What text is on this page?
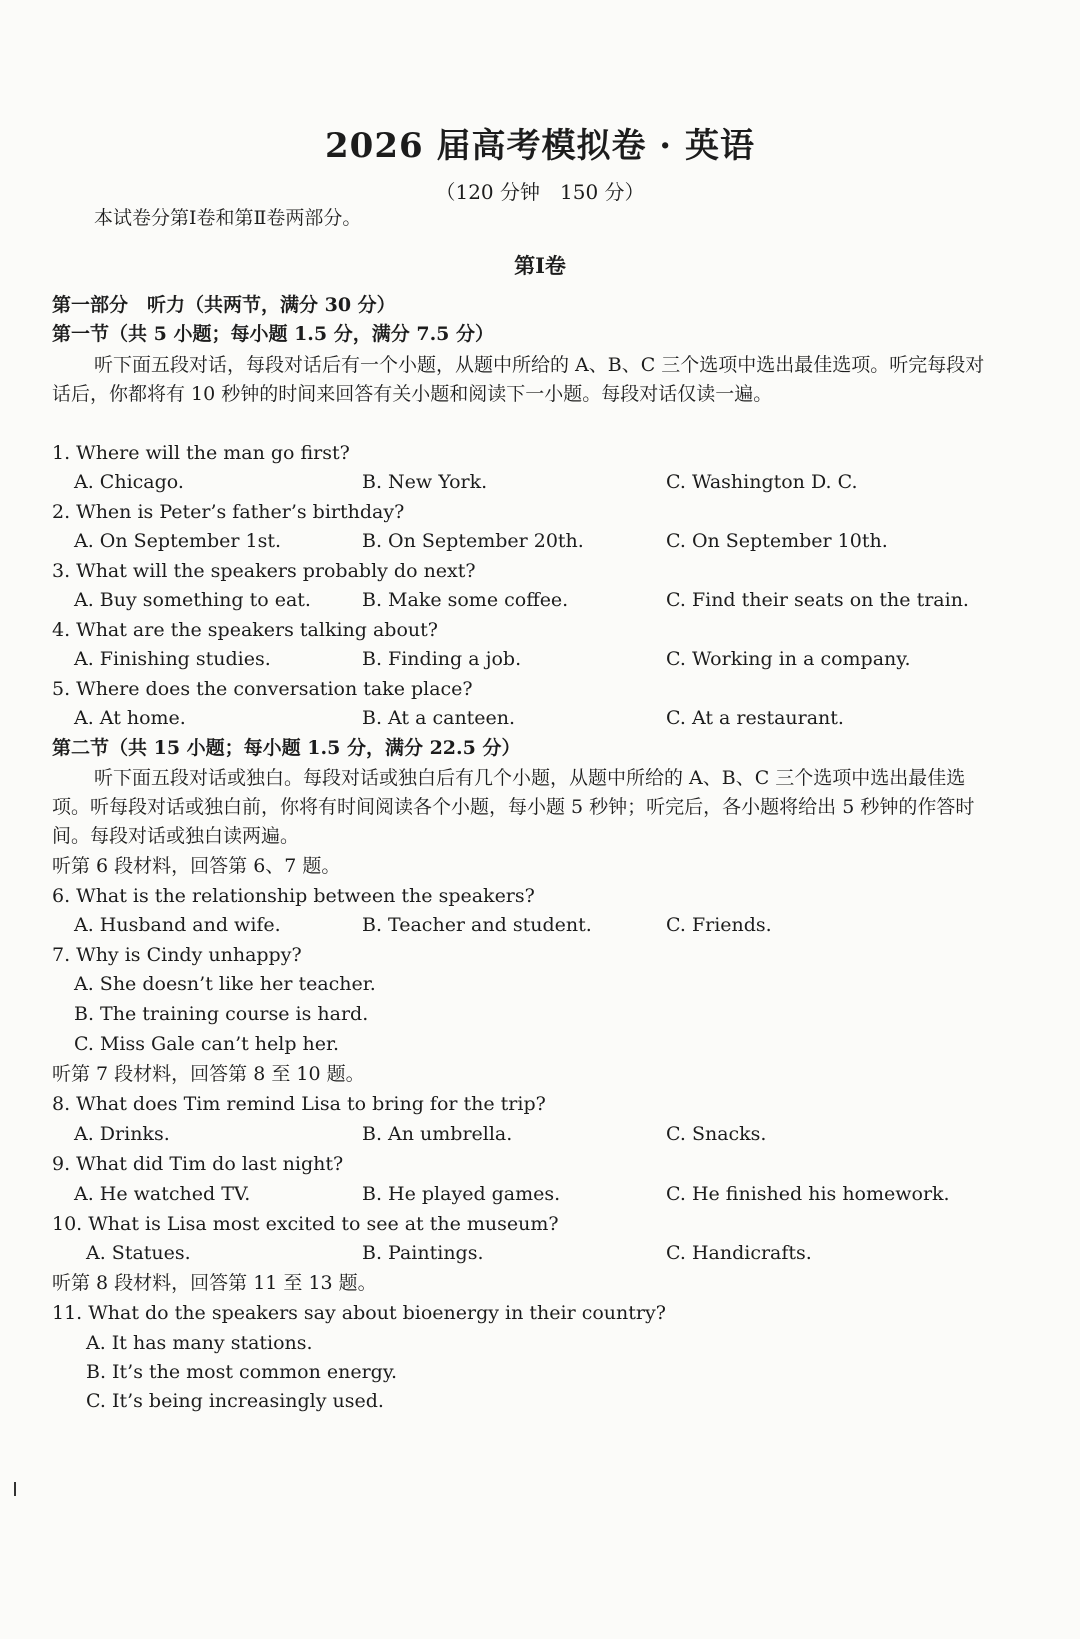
2026 届高考模拟卷 · 英语
（120 分钟　150 分）
本试卷分第Ⅰ卷和第Ⅱ卷两部分。
第Ⅰ卷
第一部分　听力（共两节，满分 30 分）
第一节（共 5 小题；每小题 1.5 分，满分 7.5 分）
听下面五段对话，每段对话后有一个小题，从题中所给的 A、B、C 三个选项中选出最佳选项。听完每段对话后，你都将有 10 秒钟的时间来回答有关小题和阅读下一小题。每段对话仅读一遍。
1. Where will the man go first?
A. Chicago.	B. New York.	C. Washington D. C.
2. When is Peter’s father’s birthday?
A. On September 1st.	B. On September 20th.	C. On September 10th.
3. What will the speakers probably do next?
A. Buy something to eat.	B. Make some coffee.	C. Find their seats on the train.
4. What are the speakers talking about?
A. Finishing studies.	B. Finding a job.	C. Working in a company.
5. Where does the conversation take place?
A. At home.	B. At a canteen.	C. At a restaurant.
第二节（共 15 小题；每小题 1.5 分，满分 22.5 分）
听下面五段对话或独白。每段对话或独白后有几个小题，从题中所给的 A、B、C 三个选项中选出最佳选项。听每段对话或独白前，你将有时间阅读各个小题，每小题 5 秒钟；听完后，各小题将给出 5 秒钟的作答时间。每段对话或独白读两遍。
听第 6 段材料，回答第 6、7 题。
6. What is the relationship between the speakers?
A. Husband and wife.	B. Teacher and student.	C. Friends.
7. Why is Cindy unhappy?
A. She doesn’t like her teacher.
B. The training course is hard.
C. Miss Gale can’t help her.
听第 7 段材料，回答第 8 至 10 题。
8. What does Tim remind Lisa to bring for the trip?
A. Drinks.	B. An umbrella.	C. Snacks.
9. What did Tim do last night?
A. He watched TV.	B. He played games.	C. He finished his homework.
10. What is Lisa most excited to see at the museum?
A. Statues.	B. Paintings.	C. Handicrafts.
听第 8 段材料，回答第 11 至 13 题。
11. What do the speakers say about bioenergy in their country?
A. It has many stations.
B. It’s the most common energy.
C. It’s being increasingly used.
